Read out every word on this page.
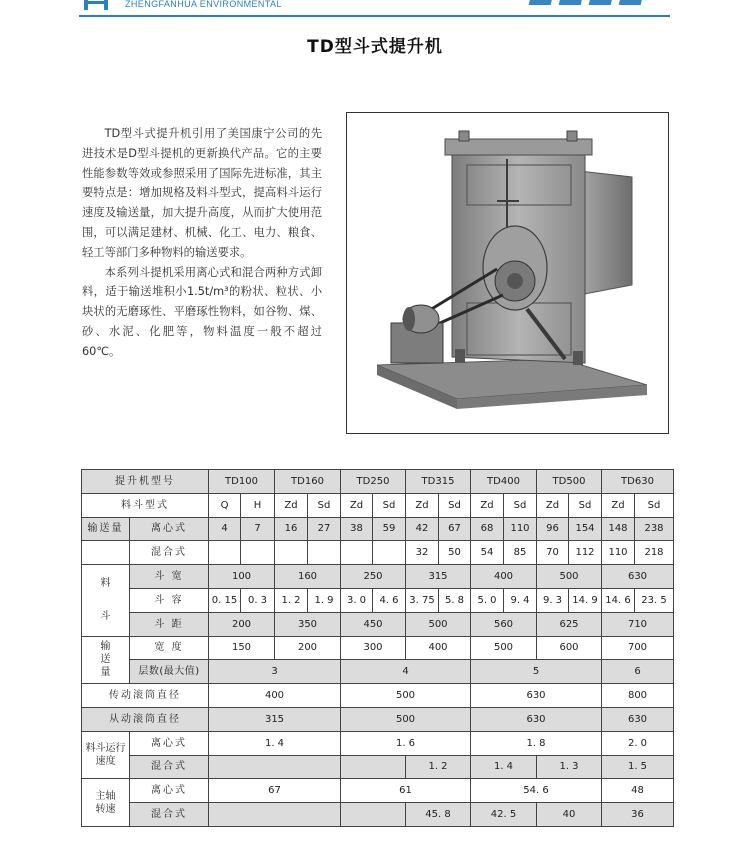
ZHENGFANHUA ENVIRONMENTAL
TD型斗式提升机

TD型斗式提升机引用了美国康宁公司的先进技术是D型斗提机的更新换代产品。它的主要性能参数等效或参照采用了国际先进标准，其主要特点是：增加规格及料斗型式，提高料斗运行速度及输送量，加大提升高度，从而扩大使用范围，可以满足建材、机械、化工、电力、粮食、轻工等部门多种物料的输送要求。

本系列斗提机采用离心式和混合两种方式卸料，适于输送堆积小1.5t/m³的粉状、粒状、小块状的无磨琢性、平磨琢性物料，如谷物、煤、砂、水泥、化肥等，物料温度一般不超过60℃。

提升机型号		TD100		TD160		TD250		TD315		TD400		TD500		TD630	
料斗型式		Q	H	Zd	Sd	Zd	Sd	Zd	Sd	Zd	Sd	Zd	Sd	Zd	Sd
输送量	离心式	4	7	16	27	38	59	42	67	68	110	96	154	148	238
	混合式							32	50	54	85	70	112	110	218
料

斗	斗 宽	100		160		250		315		400		500		630	
	斗 容	0. 15	0. 3	1. 2	1. 9	3. 0	4. 6	3. 75	5. 8	5. 0	9. 4	9. 3	14. 9	14. 6	23. 5
	斗 距	200		350		450		500		560		625		710	
输送量	宽 度	150		200		300		400		500		600		700	
	层数(最大值)	3				4				5				6	
传动滚筒直径		400				500				630				800	
从动滚筒直径		315				500				630				630	
料斗运行速度	离心式	1. 4				1. 6				1. 8				2. 0	
	混合式							1. 2		1. 4		1. 3		1. 5	
主轴转速	离心式	67				61				54. 6				48	
	混合式							45. 8		42. 5		40		36	
